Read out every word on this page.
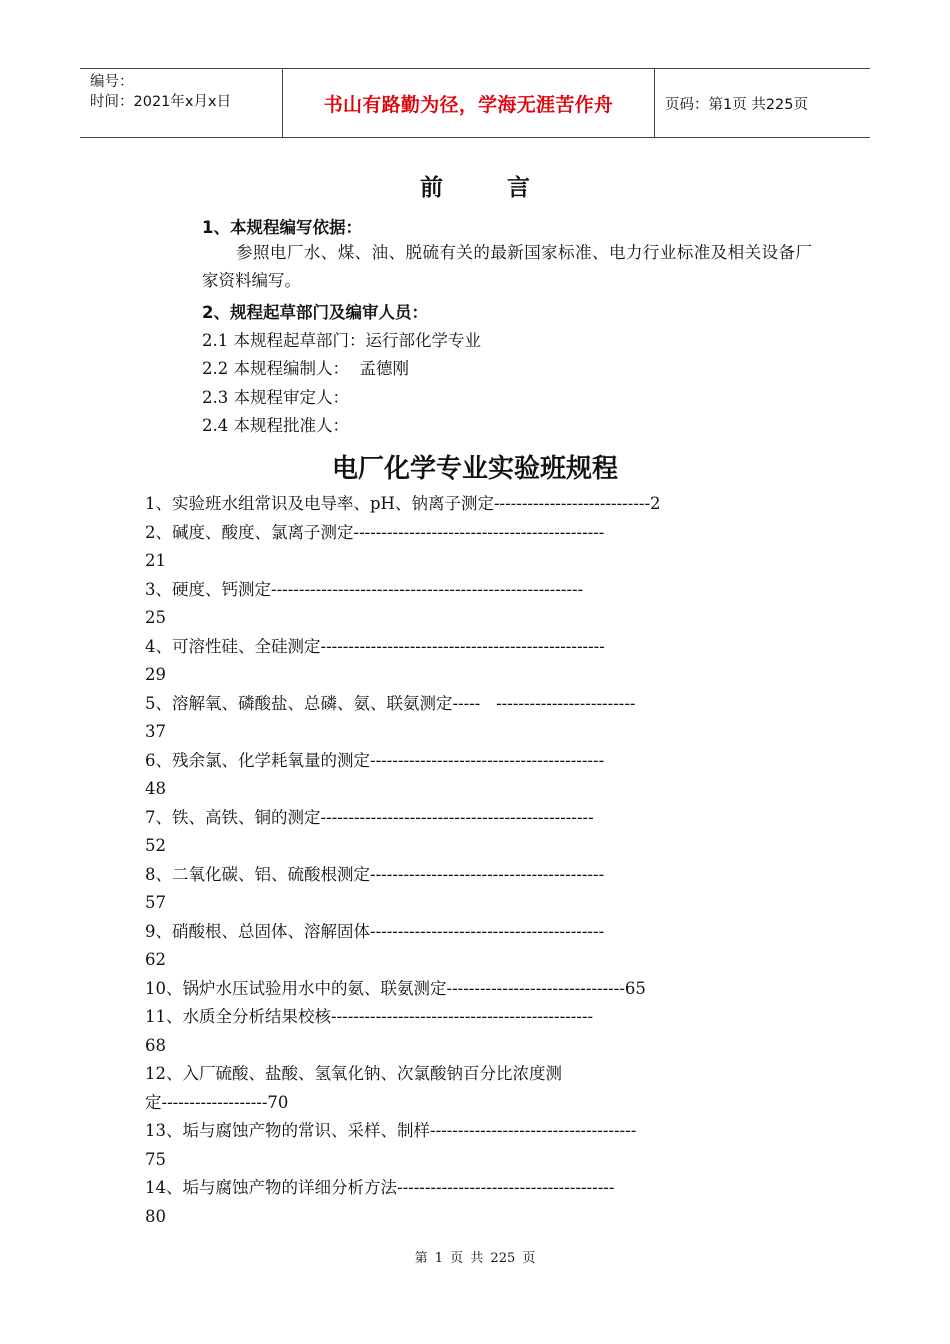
编号：
时间：2021年x月x日	书山有路勤为径，学海无涯苦作舟	页码：第1页 共225页
前 言
1、本规程编写依据：
参照电厂水、煤、油、脱硫有关的最新国家标准、电力行业标准及相关设备厂家资料编写。
2、规程起草部门及编审人员：
2.1 本规程起草部门：运行部化学专业
2.2 本规程编制人：  孟德刚
2.3 本规程审定人：
2.4 本规程批准人：
电厂化学专业实验班规程
1、实验班水组常识及电导率、pH、钠离子测定----------------------------2
2、碱度、酸度、氯离子测定---------------------------------------------
21
3、硬度、钙测定--------------------------------------------------------
25
4、可溶性硅、全硅测定---------------------------------------------------
29
5、溶解氧、磷酸盐、总磷、氨、联氨测定-----   -------------------------
37
6、残余氯、化学耗氧量的测定------------------------------------------
48
7、铁、高铁、铜的测定-------------------------------------------------
52
8、二氧化碳、铝、硫酸根测定------------------------------------------
57
9、硝酸根、总固体、溶解固体------------------------------------------
62
10、锅炉水压试验用水中的氨、联氨测定--------------------------------65
11、水质全分析结果校核-----------------------------------------------
68
12、入厂硫酸、盐酸、氢氧化钠、次氯酸钠百分比浓度测
定-------------------70
13、垢与腐蚀产物的常识、采样、制样-------------------------------------
75
14、垢与腐蚀产物的详细分析方法---------------------------------------
80
第 1 页 共 225 页
